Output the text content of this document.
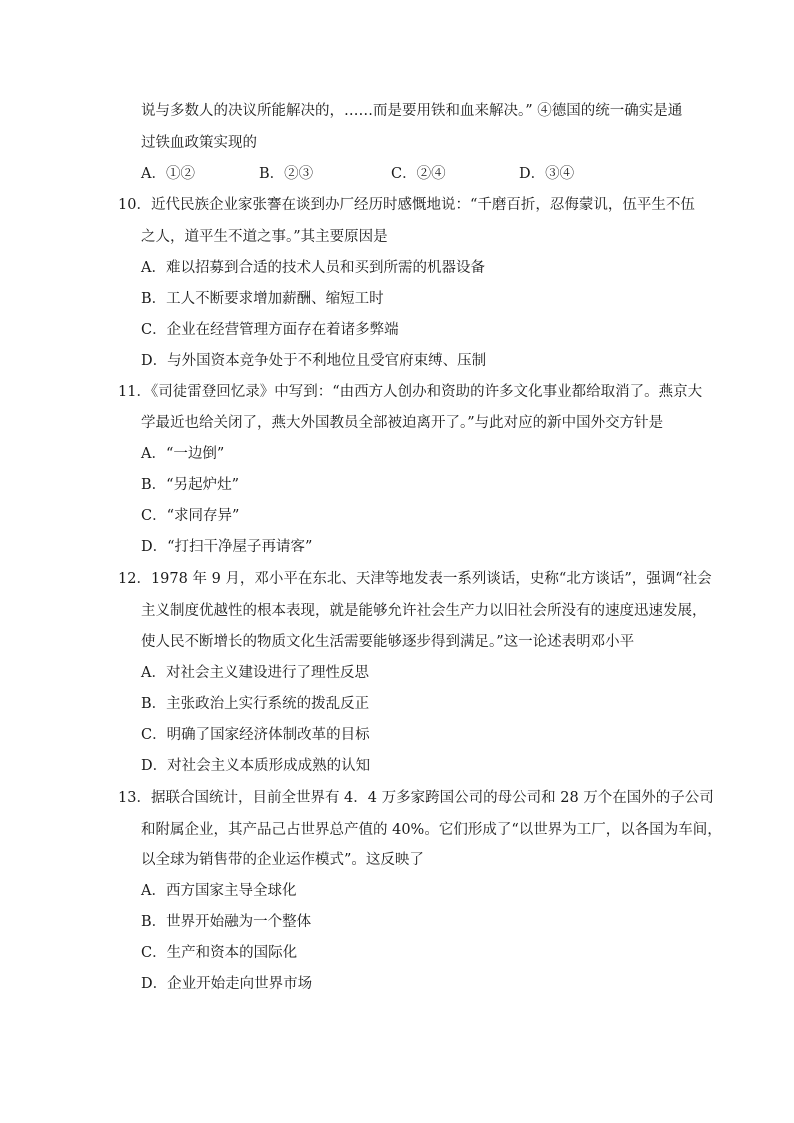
说与多数人的决议所能解决的，……而是要用铁和血来解决。” ④德国的统一确实是通
过铁血政策实现的
A．①②	B．②③	C．②④	D．③④
10．近代民族企业家张謇在谈到办厂经历时感慨地说：“千磨百折，忍侮蒙讥，伍平生不伍
之人，道平生不道之事。”其主要原因是
A．难以招募到合适的技术人员和买到所需的机器设备
B．工人不断要求增加薪酬、缩短工时
C．企业在经营管理方面存在着诸多弊端
D．与外国资本竞争处于不利地位且受官府束缚、压制
11．《司徒雷登回忆录》中写到：“由西方人创办和资助的许多文化事业都给取消了。燕京大
学最近也给关闭了，燕大外国教员全部被迫离开了。”与此对应的新中国外交方针是
A．“一边倒”
B．“另起炉灶”
C．“求同存异”
D．“打扫干净屋子再请客”
12．1978 年 9 月，邓小平在东北、天津等地发表一系列谈话，史称“北方谈话”，强调“社会
主义制度优越性的根本表现，就是能够允许社会生产力以旧社会所没有的速度迅速发展，
使人民不断增长的物质文化生活需要能够逐步得到满足。”这一论述表明邓小平
A．对社会主义建设进行了理性反思
B．主张政治上实行系统的拨乱反正
C．明确了国家经济体制改革的目标
D．对社会主义本质形成成熟的认知
13．据联合国统计，目前全世界有 4．4 万多家跨国公司的母公司和 28 万个在国外的子公司
和附属企业，其产品己占世界总产值的 40%。它们形成了“以世界为工厂，以各国为车间，
以全球为销售带的企业运作模式”。这反映了
A．西方国家主导全球化
B．世界开始融为一个整体
C．生产和资本的国际化
D．企业开始走向世界市场
